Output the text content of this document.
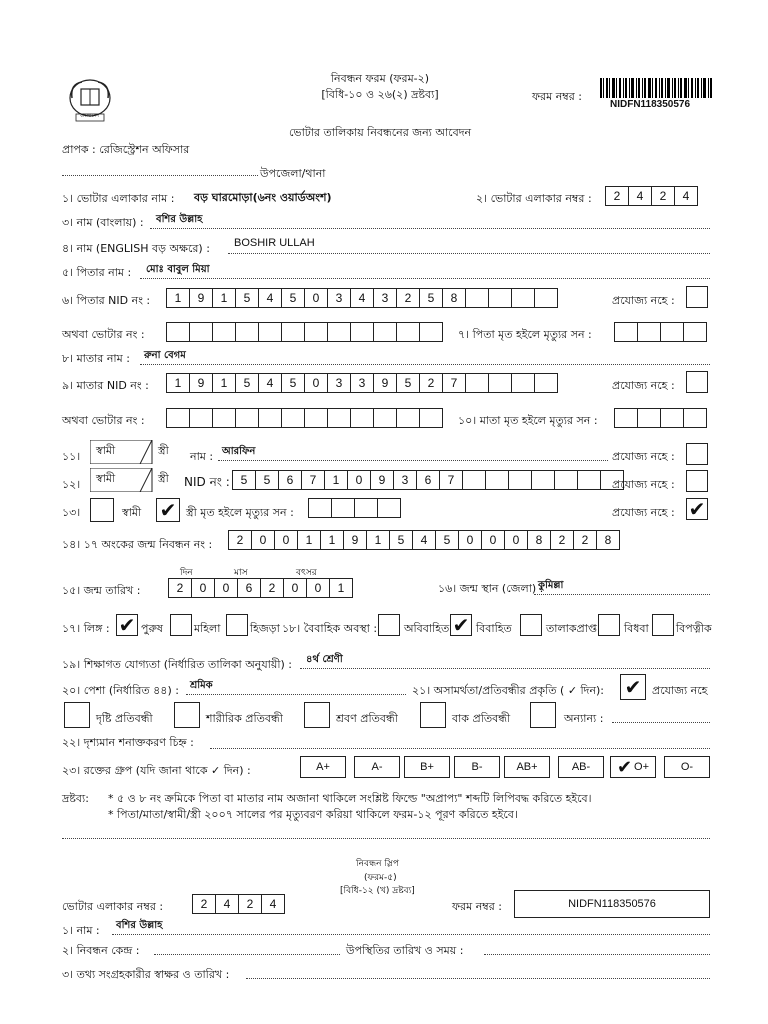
বাংলাদেশ
নিবন্ধন ফরম (ফরম-২)
[বিধি-১০ ও ২৬(২) দ্রষ্টব্য]	ফরম নম্বর :
NIDFN118350576
ভোটার তালিকায় নিবন্ধনের জন্য আবেদন
প্রাপক : রেজিস্ট্রেশন অফিসার
উপজেলা/থানা
১। ভোটার এলাকার নাম : বড় ঘারমোড়া(৬নং ওয়ার্ডঅংশ)	২। ভোটার এলাকার নম্বর :	2	4	2	4
৩। নাম (বাংলায়) : বশির উল্লাহ
৪। নাম (ENGLISH বড় অক্ষরে) : BOSHIR ULLAH
৫। পিতার নাম : মোঃ বাবুল মিয়া
৬। পিতার NID নং :	1	9	1	5	4	5	0	3	4	3	2	5	8	প্রযোজ্য নহে :
অথবা ভোটার নং :	৭। পিতা মৃত হইলে মৃত্যুর সন :
৮। মাতার নাম : রুনা বেগম
৯। মাতার NID নং :	1	9	1	5	4	5	0	3	3	9	5	2	7	প্রযোজ্য নহে :
অথবা ভোটার নং :	১০। মাতা মৃত হইলে মৃত্যুর সন :
১১। স্বামী	স্ত্রী নাম : আরফিন	প্রযোজ্য নহে :
১২। স্বামী	স্ত্রী NID নং : 5	5	6	7	1	0	9	3	6	7	প্রযোজ্য নহে :
১৩।	স্বামী ✔ স্ত্রী মৃত হইলে মৃত্যুর সন :	প্রযোজ্য নহে : ✔
১৪। ১৭ অংকের জন্ম নিবন্ধন নং :	2	0	0	1	1	9	1	5	4	5	0	0	0	8	2	2	8
দিন	মাস	বৎসর
১৫। জন্ম তারিখ :	2	0	0	6	2	0	0	1	১৬। জন্ম স্থান (জেলা) :
কুমিল্লা
১৭। লিঙ্গ : ✔ পুরুষ	মহিলা	হিজড়া ১৮। বৈবাহিক অবস্থা : অবিবাহিত ✔ বিবাহিত	তালাকপ্রাপ্ত বিধবা বিপত্নীক
১৯। শিক্ষাগত যোগ্যতা (নির্ধারিত তালিকা অনুযায়ী) : ৪র্থ শ্রেণী
২০। পেশা (নির্ধারিত ৪৪) : শ্রমিক	২১। অসামর্থতা/প্রতিবন্ধীর প্রকৃতি ( ✓ দিন): ✔ প্রযোজ্য নহে
দৃষ্টি প্রতিবন্ধী	শারীরিক প্রতিবন্ধী	শ্রবণ প্রতিবন্ধী	বাক প্রতিবন্ধী	অন্যান্য :
২২। দৃশ্যমান শনাক্তকরণ চিহ্ন :
২৩। রক্তের গ্রুপ (যদি জানা থাকে ✓ দিন) :
দ্রষ্টব্য: * ৫ ও ৮ নং ক্রমিকে পিতা বা মাতার নাম অজানা থাকিলে সংশ্লিষ্ট ফিল্ডে "অপ্রাপ্য" শব্দটি লিপিবদ্ধ করিতে হইবে।
* পিতা/মাতা/স্বামী/স্ত্রী ২০০৭ সালের পর মৃত্যুবরণ করিয়া থাকিলে ফরম-১২ পূরণ করিতে হইবে।
নিবন্ধন স্লিপ
(ফরম-৫)
[বিধি-১২ (খ) দ্রষ্টব্য]
ভোটার এলাকার নম্বর :	2	4	2	4	ফরম নম্বর :	NIDFN118350576
১। নাম : বশির উল্লাহ
২। নিবন্ধন কেন্দ্র :	উপস্থিতির তারিখ ও সময় :
৩। তথ্য সংগ্রহকারীর স্বাক্ষর ও তারিখ :
A+	A-	B+	B-	AB+	AB- ✔ O+	O-
